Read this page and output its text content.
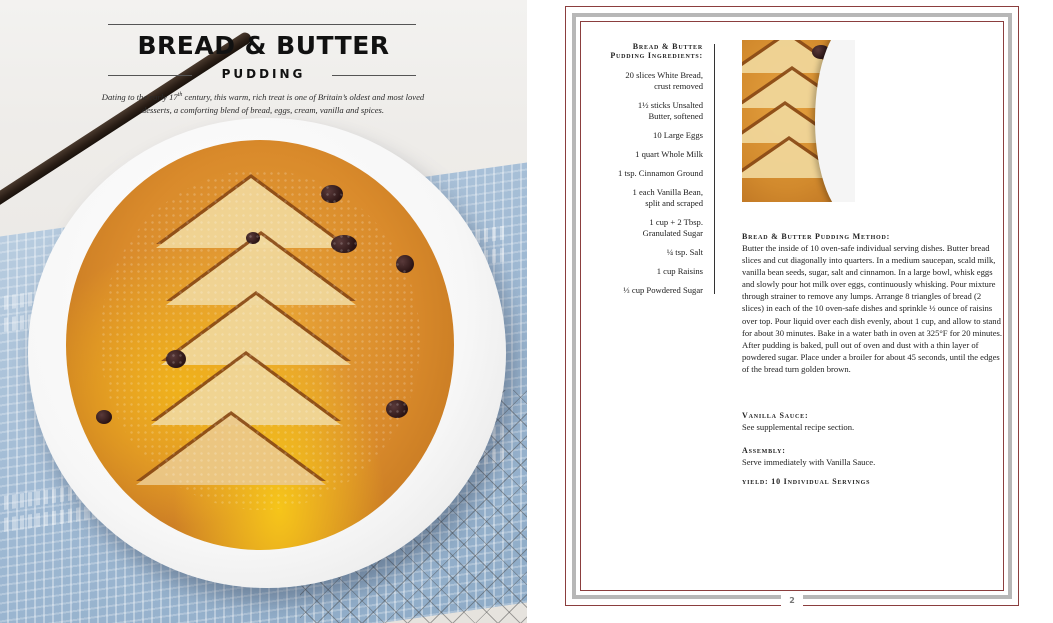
BREAD & BUTTER
PUDDING

Dating to the early 17th century, this warm, rich treat is one of Britain’s oldest and most loved desserts, a comforting blend of bread, eggs, cream, vanilla and spices.

2
Bread & Butter
Pudding Ingredients:
20 slices White Bread,
crust removed
1½ sticks Unsalted
Butter, softened
10 Large Eggs
1 quart Whole Milk
1 tsp. Cinnamon Ground
1 each Vanilla Bean,
split and scraped
1 cup + 2 Tbsp.
Granulated Sugar
¼ tsp. Salt
1 cup Raisins
⅓ cup Powdered Sugar
Bread & Butter Pudding Method:

Butter the inside of 10 oven-safe individual serving dishes. Butter bread slices and cut diagonally into quarters. In a medium saucepan, scald milk, vanilla bean seeds, sugar, salt and cinnamon. In a large bowl, whisk eggs and slowly pour hot milk over eggs, continuously whisking. Pour mixture through strainer to remove any lumps. Arrange 8 triangles of bread (2 slices) in each of the 10 oven-safe dishes and sprinkle ½ ounce of raisins over top. Pour liquid over each dish evenly, about 1 cup, and allow to stand for about 30 minutes. Bake in a water bath in oven at 325°F for 20 minutes. After pudding is baked, pull out of oven and dust with a thin layer of powdered sugar. Place under a broiler for about 45 seconds, until the edges of the bread turn golden brown.

Vanilla Sauce:

See supplemental recipe section.

Assembly:

Serve immediately with Vanilla Sauce.

yield: 10 Individual Servings
